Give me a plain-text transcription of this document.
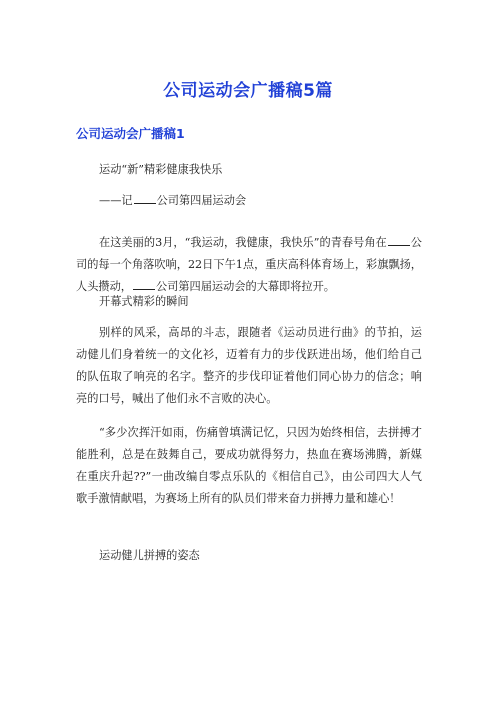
公司运动会广播稿5篇
公司运动会广播稿1
运动“新”精彩健康我快乐
——记 公司第四届运动会
在这美丽的3月，“我运动，我健康，我快乐”的青春号角在 公司的每一个角落吹响，22日下午1点，重庆高科体育场上，彩旗飘扬，人头攒动， 公司第四届运动会的大幕即将拉开。
开幕式精彩的瞬间
别样的风采，高昂的斗志，跟随者《运动员进行曲》的节拍，运动健儿们身着统一的文化衫，迈着有力的步伐跃进出场，他们给自己的队伍取了响亮的名字。整齐的步伐印证着他们同心协力的信念；响亮的口号，喊出了他们永不言败的决心。
“多少次挥汗如雨，伤痛曾填满记忆，只因为始终相信，去拼搏才能胜利，总是在鼓舞自己，要成功就得努力，热血在赛场沸腾，新媒在重庆升起??”一曲改编自零点乐队的《相信自己》，由公司四大人气歌手激情献唱，为赛场上所有的队员们带来奋力拼搏力量和雄心！
运动健儿拼搏的姿态
